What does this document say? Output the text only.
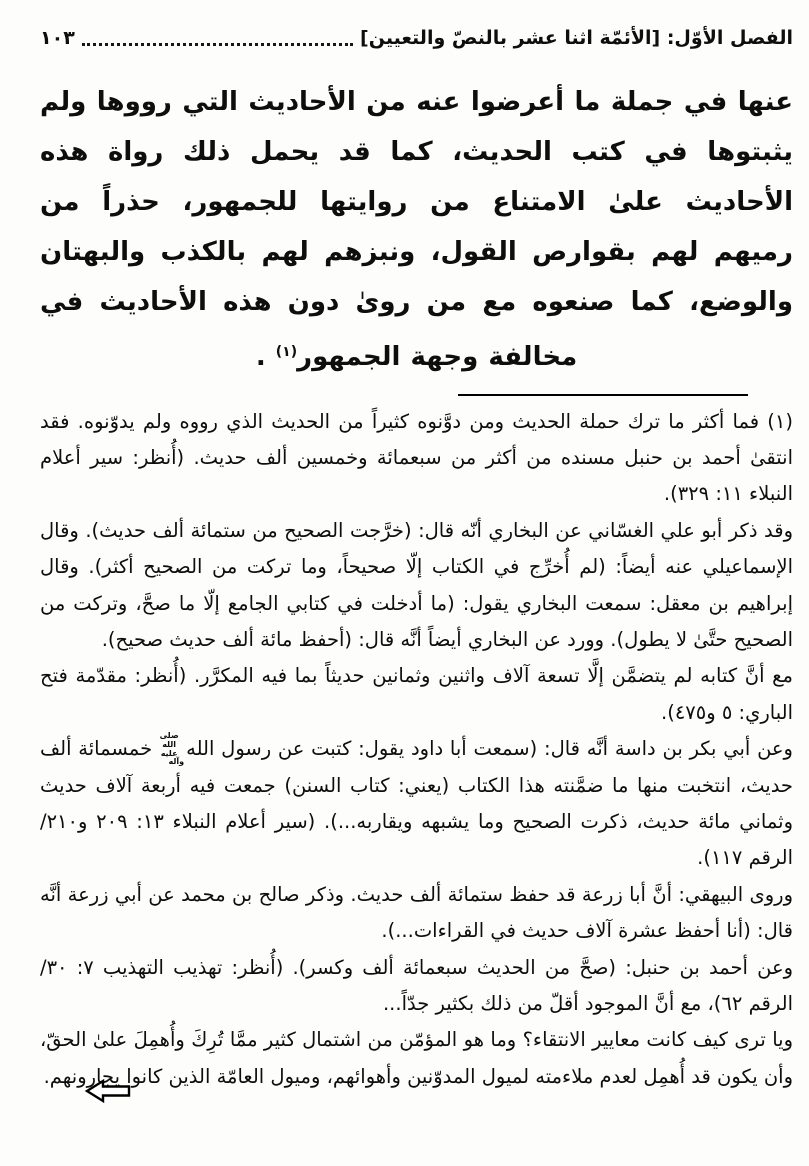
الفصل الأوّل: [الأئمّة اثنا عشر بالنصّ والتعيين]
١٠٣
عنها في جملة ما أعرضوا عنه من الأحاديث التي رووها ولم يثبتوها في كتب الحديث، كما قد يحمل ذلك رواة هذه الأحاديث علىٰ الامتناع من روايتها للجمهور، حذراً من رميهم لهم بقوارص القول، ونبزهم لهم بالكذب والبهتان والوضع، كما صنعوه مع من روىٰ دون هذه الأحاديث في مخالفة وجهة الجمهور$^{(١)}$ .

(١) فما أكثر ما ترك حملة الحديث ومن دوَّنوه كثيراً من الحديث الذي رووه ولم يدوّنوه. فقد انتقىٰ أحمد بن حنبل مسنده من أكثر من سبعمائة وخمسين ألف حديث. (أُنظر: سير أعلام النبلاء ١١: ٣٢٩).

وقد ذكر أبو علي الغسّاني عن البخاري أنّه قال: (خرَّجت الصحيح من ستمائة ألف حديث). وقال الإسماعيلي عنه أيضاً: (لم أُخرِّج في الكتاب إلّا صحيحاً، وما تركت من الصحيح أكثر). وقال إبراهيم بن معقل: سمعت البخاري يقول: (ما أدخلت في كتابي الجامع إلّا ما صحَّ، وتركت من الصحيح حتَّىٰ لا يطول). وورد عن البخاري أيضاً أنَّه قال: (أحفظ مائة ألف حديث صحيح).

مع أنَّ كتابه لم يتضمَّن إلَّا تسعة آلاف واثنين وثمانين حديثاً بما فيه المكرَّر. (أُنظر: مقدّمة فتح الباري: ٥ و٤٧٥).

وعن أبي بكر بن داسة أنَّه قال: (سمعت أبا داود يقول: كتبت عن رسول اللهصلى الله عليه وآلهخمسمائة ألف حديث، انتخبت منها ما ضمَّنته هذا الكتاب (يعني: كتاب السنن) جمعت فيه أربعة آلاف حديث وثماني مائة حديث، ذكرت الصحيح وما يشبهه ويقاربه...). (سير أعلام النبلاء ١٣: ٢٠٩ و٢١٠/ الرقم ١١٧).

وروى البيهقي: أنَّ أبا زرعة قد حفظ ستمائة ألف حديث. وذكر صالح بن محمد عن أبي زرعة أنَّه قال: (أنا أحفظ عشرة آلاف حديث في القراءات...).

وعن أحمد بن حنبل: (صحَّ من الحديث سبعمائة ألف وكسر). (أُنظر: تهذيب التهذيب ٧: ٣٠/ الرقم ٦٢)، مع أنَّ الموجود أقلّ من ذلك بكثير جدّاً...

ويا ترى كيف كانت معايير الانتقاء؟ وما هو المؤمّن من اشتمال كثير ممَّا تُرِكَ وأُهمِلَ علىٰ الحقّ، وأن يكون قد أُهمِل لعدم ملاءمته لميول المدوّنين وأهوائهم، وميول العامّة الذين كانوا يجارونهم.
